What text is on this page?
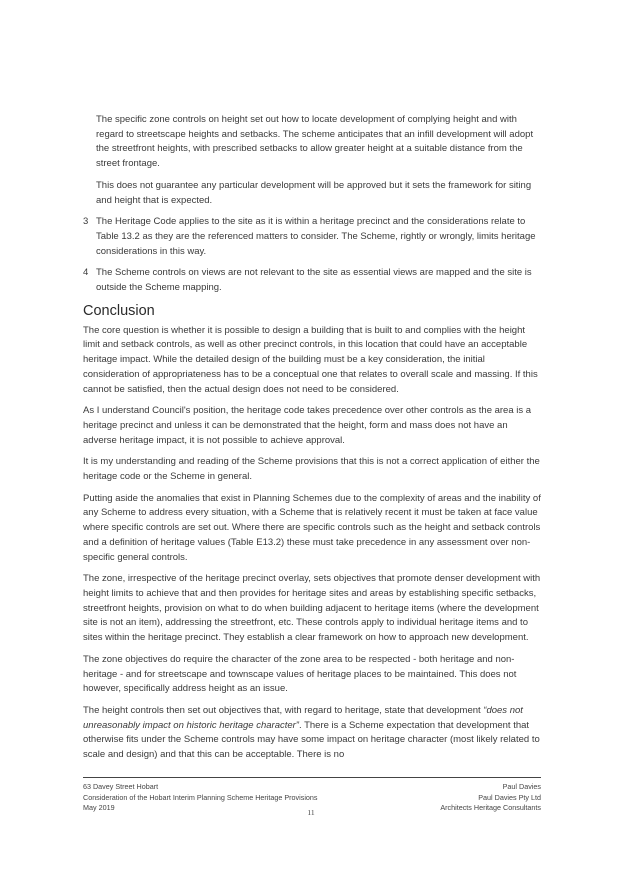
The specific zone controls on height set out how to locate development of complying height and with regard to streetscape heights and setbacks. The scheme anticipates that an infill development will adopt the streetfront heights, with prescribed setbacks to allow greater height at a suitable distance from the street frontage.

This does not guarantee any particular development will be approved but it sets the framework for siting and height that is expected.

3 The Heritage Code applies to the site as it is within a heritage precinct and the considerations relate to Table 13.2 as they are the referenced matters to consider. The Scheme, rightly or wrongly, limits heritage considerations in this way.

4 The Scheme controls on views are not relevant to the site as essential views are mapped and the site is outside the Scheme mapping.

Conclusion

The core question is whether it is possible to design a building that is built to and complies with the height limit and setback controls, as well as other precinct controls, in this location that could have an acceptable heritage impact. While the detailed design of the building must be a key consideration, the initial consideration of appropriateness has to be a conceptual one that relates to overall scale and massing. If this cannot be satisfied, then the actual design does not need to be considered.

As I understand Council's position, the heritage code takes precedence over other controls as the area is a heritage precinct and unless it can be demonstrated that the height, form and mass does not have an adverse heritage impact, it is not possible to achieve approval.

It is my understanding and reading of the Scheme provisions that this is not a correct application of either the heritage code or the Scheme in general.

Putting aside the anomalies that exist in Planning Schemes due to the complexity of areas and the inability of any Scheme to address every situation, with a Scheme that is relatively recent it must be taken at face value where specific controls are set out. Where there are specific controls such as the height and setback controls and a definition of heritage values (Table E13.2) these must take precedence in any assessment over non-specific general controls.

The zone, irrespective of the heritage precinct overlay, sets objectives that promote denser development with height limits to achieve that and then provides for heritage sites and areas by establishing specific setbacks, streetfront heights, provision on what to do when building adjacent to heritage items (where the development site is not an item), addressing the streetfront, etc. These controls apply to individual heritage items and to sites within the heritage precinct. They establish a clear framework on how to approach new development.

The zone objectives do require the character of the zone area to be respected - both heritage and non-heritage - and for streetscape and townscape values of heritage places to be maintained. This does not however, specifically address height as an issue.

The height controls then set out objectives that, with regard to heritage, state that development “does not unreasonably impact on historic heritage character”. There is a Scheme expectation that development that otherwise fits under the Scheme controls may have some impact on heritage character (most likely related to scale and design) and that this can be acceptable. There is no

63 Davey Street Hobart
Consideration of the Hobart Interim Planning Scheme Heritage Provisions
May 2019
Paul Davies
Paul Davies Pty Ltd
Architects Heritage Consultants
11
